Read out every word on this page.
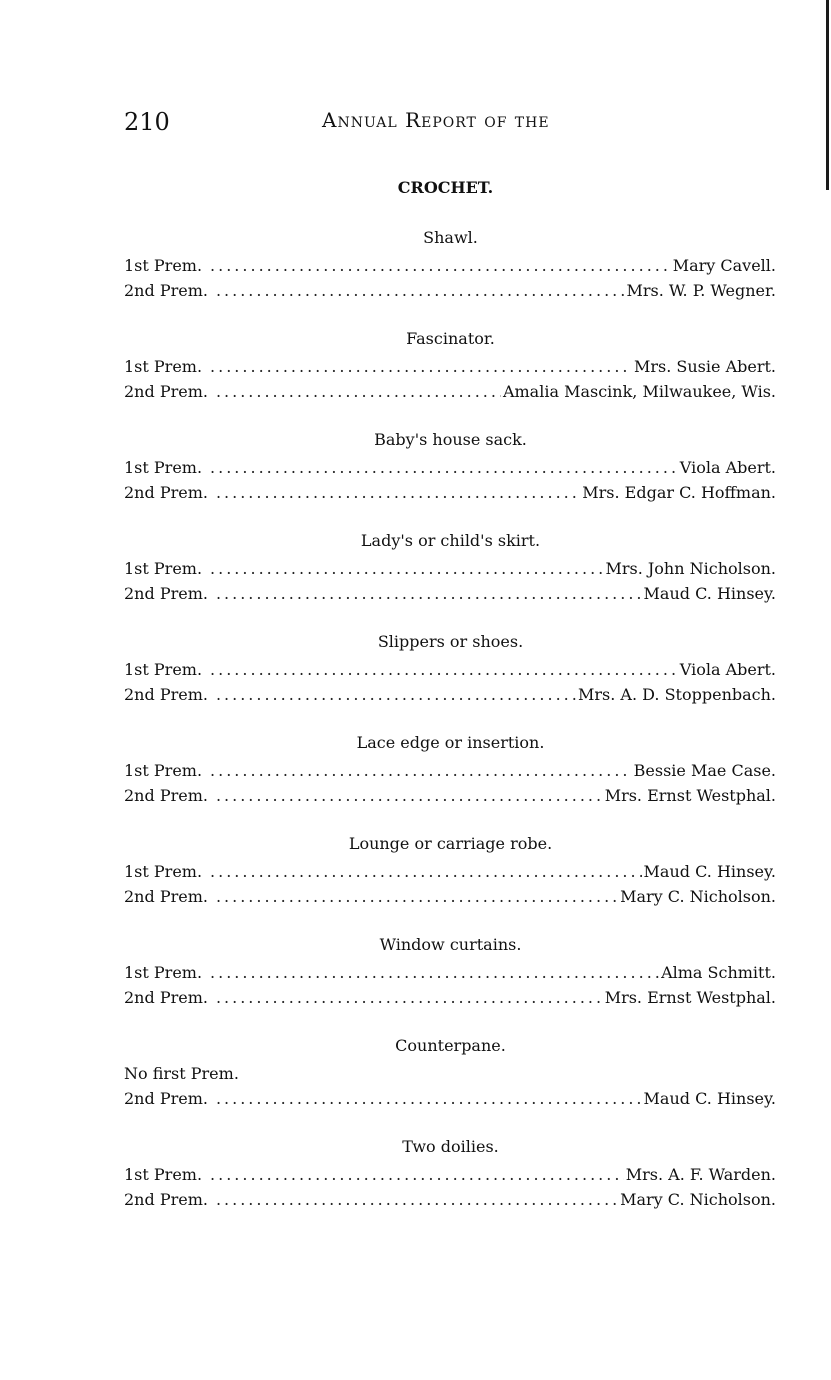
210	Annual Report of the
CROCHET.
Shawl.
1st Prem. .....	Mary Cavell.
2nd Prem. .....	Mrs. W. P. Wegner.
Fascinator.
1st Prem. .....	Mrs. Susie Abert.
2nd Prem. .....	Amalia Mascink, Milwaukee, Wis.
Baby's house sack.
1st Prem. .....	Viola Abert.
2nd Prem. .....	Mrs. Edgar C. Hoffman.
Lady's or child's skirt.
1st Prem. .....	Mrs. John Nicholson.
2nd Prem. .....	Maud C. Hinsey.
Slippers or shoes.
1st Prem. .....	Viola Abert.
2nd Prem. .....	Mrs. A. D. Stoppenbach.
Lace edge or insertion.
1st Prem. .....	Bessie Mae Case.
2nd Prem. .....	Mrs. Ernst Westphal.
Lounge or carriage robe.
1st Prem. .....	Maud C. Hinsey.
2nd Prem. .....	Mary C. Nicholson.
Window curtains.
1st Prem. .....	Alma Schmitt.
2nd Prem. .....	Mrs. Ernst Westphal.
Counterpane.
No first Prem.
2nd Prem. .....	Maud C. Hinsey.
Two doilies.
1st Prem. .....	Mrs. A. F. Warden.
2nd Prem. .....	Mary C. Nicholson.
